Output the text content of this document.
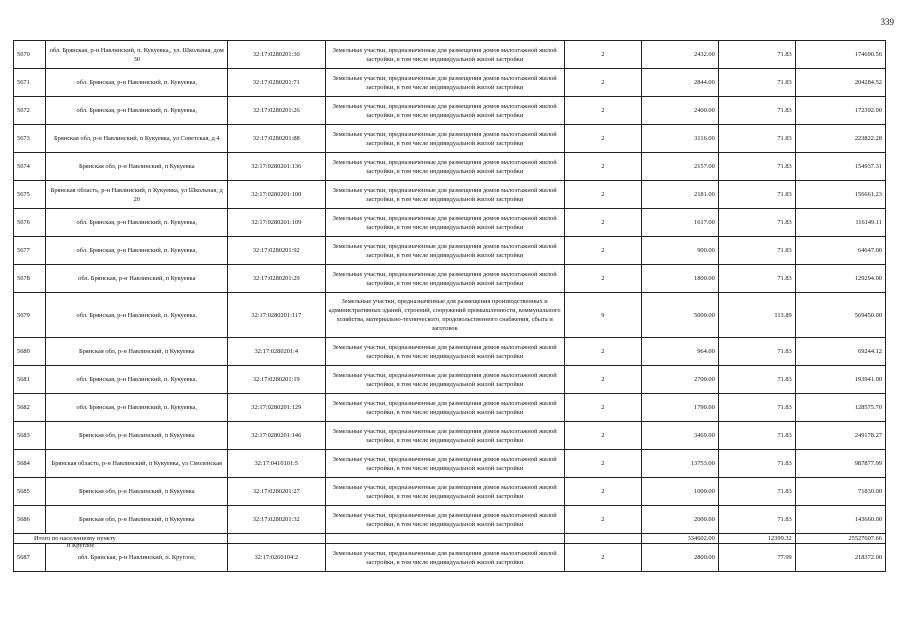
339
5670	обл. Брянская, р-н Навлинский, п. Кукуевка,, ул. Школьная, дом 30	32:17:0280201:30	Земельные участки, предназначенные для размещения домов малоэтажной жилой застройки, в том числе индивидуальной жилой застройки	2	2432.00	71.83	174690.56
5671	обл. Брянская, р-н Навлинский, п. Кукуевка,	32:17:0280201:71	Земельные участки, предназначенные для размещения домов малоэтажной жилой застройки, в том числе индивидуальной жилой застройки	2	2844.00	71.83	204284.52
5672	обл. Брянская, р-н Навлинский, п. Кукуевка,	32:17:0280201:26	Земельные участки, предназначенные для размещения домов малоэтажной жилой застройки, в том числе индивидуальной жилой застройки	2	2400.00	71.83	172392.00
5673	Брянская обл, р-н Навлинский, п Кукуевка, ул Советская, д 4	32:17:0280201:88	Земельные участки, предназначенные для размещения домов малоэтажной жилой застройки, в том числе индивидуальной жилой застройки	2	3116.00	71.83	223822.28
5674	Брянская обл, р-н Навлинский, п Кукуевка	32:17:0280201:136	Земельные участки, предназначенные для размещения домов малоэтажной жилой застройки, в том числе индивидуальной жилой застройки	2	2157.00	71.83	154937.31
5675	Брянская область, р-н Навлинский, п Кукуевка, ул Школьная, д 20	32:17:0280201:100	Земельные участки, предназначенные для размещения домов малоэтажной жилой застройки, в том числе индивидуальной жилой застройки	2	2181.00	71.83	156661.23
5676	обл. Брянская, р-н Навлинский, п. Кукуевка,	32:17:0280201:109	Земельные участки, предназначенные для размещения домов малоэтажной жилой застройки, в том числе индивидуальной жилой застройки	2	1617.00	71.83	116149.11
5677	обл. Брянская, р-н Навлинский, п. Кукуевка,	32:17:0280201:92	Земельные участки, предназначенные для размещения домов малоэтажной жилой застройки, в том числе индивидуальной жилой застройки	2	900.00	71.83	64647.00
5678	обл. Брянская, р-н Навлинский, п Кукуевка	32:17:0280201:29	Земельные участки, предназначенные для размещения домов малоэтажной жилой застройки, в том числе индивидуальной жилой застройки	2	1800.00	71.83	129294.00
5679	обл. Брянская, р-н Навлинский, п. Кукуевка,	32:17:0280201:117	Земельные участки, предназначенные для размещения производственных и административных зданий, строений, сооружений промышленности, коммунального хозяйства, материально-технического, продовольственного снабжения, сбыта и заготовок	9	5000.00	113.89	569450.00
5680	Брянская обл, р-н Навлинский, п Кукуевка	32:17:0280201:4	Земельные участки, предназначенные для размещения домов малоэтажной жилой застройки, в том числе индивидуальной жилой застройки	2	964.00	71.83	69244.12
5681	обл. Брянская, р-н Навлинский, п. Кукуевка,	32:17:0280201:19	Земельные участки, предназначенные для размещения домов малоэтажной жилой застройки, в том числе индивидуальной жилой застройки	2	2700.00	71.83	193941.00
5682	обл. Брянская, р-н Навлинский, п. Кукуевка,	32:17:0280201:129	Земельные участки, предназначенные для размещения домов малоэтажной жилой застройки, в том числе индивидуальной жилой застройки	2	1790.00	71.83	128575.70
5683	Брянская обл, р-н Навлинский, п Кукуевка	32:17:0280201:146	Земельные участки, предназначенные для размещения домов малоэтажной жилой застройки, в том числе индивидуальной жилой застройки	2	3469.00	71.83	249178.27
5684	Брянская область, р-н Навлинский, п Кукуевка, ул Смоленская	32:17:0410101:5	Земельные участки, предназначенные для размещения домов малоэтажной жилой застройки, в том числе индивидуальной жилой застройки	2	13753.00	71.83	987877.99
5685	Брянская обл, р-н Навлинский, п Кукуевка	32:17:0280201:27	Земельные участки, предназначенные для размещения домов малоэтажной жилой застройки, в том числе индивидуальной жилой застройки	2	1000.00	71.83	71830.00
5686	Брянская обл, р-н Навлинский, п Кукуевка	32:17:0280201:32	Земельные участки, предназначенные для размещения домов малоэтажной жилой застройки, в том числе индивидуальной жилой застройки	2	2000.00	71.83	143660.00
Итого по населенному пункту					334602.00	12399.32	25527607.66

п Круглое
5687	обл. Брянская, р-н Навлинский, п. Круглое,	32:17:0260104:2	Земельные участки, предназначенные для размещения домов малоэтажной жилой застройки, в том числе индивидуальной жилой застройки	2	2800.00	77.99	218372.00
